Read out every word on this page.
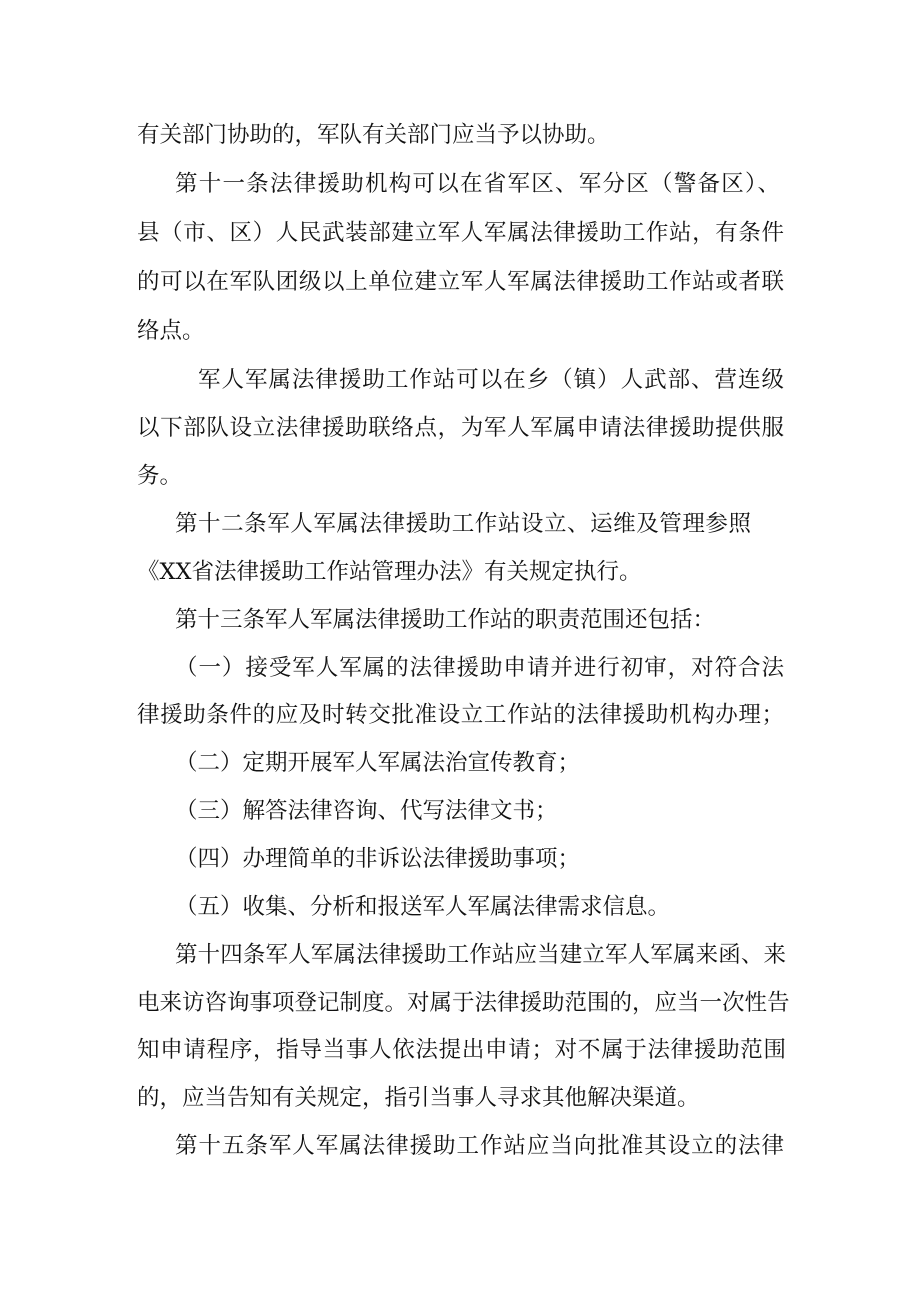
有关部门协助的，军队有关部门应当予以协助。
第十一条法律援助机构可以在省军区、军分区（警备区）、
县（市、区）人民武装部建立军人军属法律援助工作站，有条件
的可以在军队团级以上单位建立军人军属法律援助工作站或者联
络点。
军人军属法律援助工作站可以在乡（镇）人武部、营连级
以下部队设立法律援助联络点，为军人军属申请法律援助提供服
务。
第十二条军人军属法律援助工作站设立、运维及管理参照
《XX省法律援助工作站管理办法》有关规定执行。
第十三条军人军属法律援助工作站的职责范围还包括：
（一）接受军人军属的法律援助申请并进行初审，对符合法
律援助条件的应及时转交批准设立工作站的法律援助机构办理；
（二）定期开展军人军属法治宣传教育；
（三）解答法律咨询、代写法律文书；
（四）办理简单的非诉讼法律援助事项；
（五）收集、分析和报送军人军属法律需求信息。
第十四条军人军属法律援助工作站应当建立军人军属来函、来
电来访咨询事项登记制度。对属于法律援助范围的，应当一次性告
知申请程序，指导当事人依法提出申请；对不属于法律援助范围
的，应当告知有关规定，指引当事人寻求其他解决渠道。
第十五条军人军属法律援助工作站应当向批准其设立的法律
